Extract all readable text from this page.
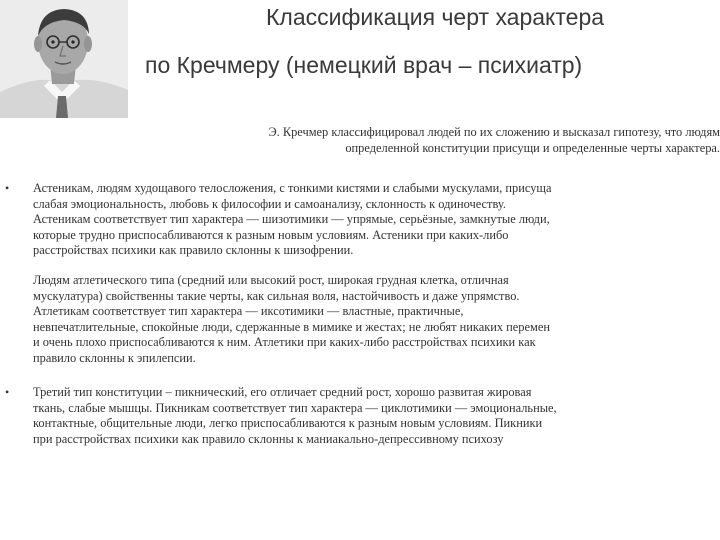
Классификация черт характера
по Кречмеру (немецкий врач – психиатр)
Э. Кречмер классифицировал людей по их сложению и высказал гипотезу, что людям
определенной конституции присущи и определенные черты характера.
• Астеникам, людям худощавого телосложения, с тонкими кистями и слабыми мускулами, присуща
слабая эмоциональность, любовь к философии и самоанализу, склонность к одиночеству.
Астеникам соответствует тип характера — шизотимики — упрямые, серьёзные, замкнутые люди,
которые трудно приспосабливаются к разным новым условиям. Астеники при каких-либо
расстройствах психики как правило склонны к шизофрении.
Людям атлетического типа (средний или высокий рост, широкая грудная клетка, отличная
мускулатура) свойственны такие черты, как сильная воля, настойчивость и даже упрямство.
Атлетикам соответствует тип характера — иксотимики — властные, практичные,
невпечатлительные, спокойные люди, сдержанные в мимике и жестах; не любят никаких перемен
и очень плохо приспосабливаются к ним. Атлетики при каких-либо расстройствах психики как
правило склонны к эпилепсии.
• Третий тип конституции – пикнический, его отличает средний рост, хорошо развитая жировая
ткань, слабые мышцы. Пикникам соответствует тип характера — циклотимики — эмоциональные,
контактные, общительные люди, легко приспосабливаются к разным новым условиям. Пикники
при расстройствах психики как правило склонны к маниакально-депрессивному психозу
